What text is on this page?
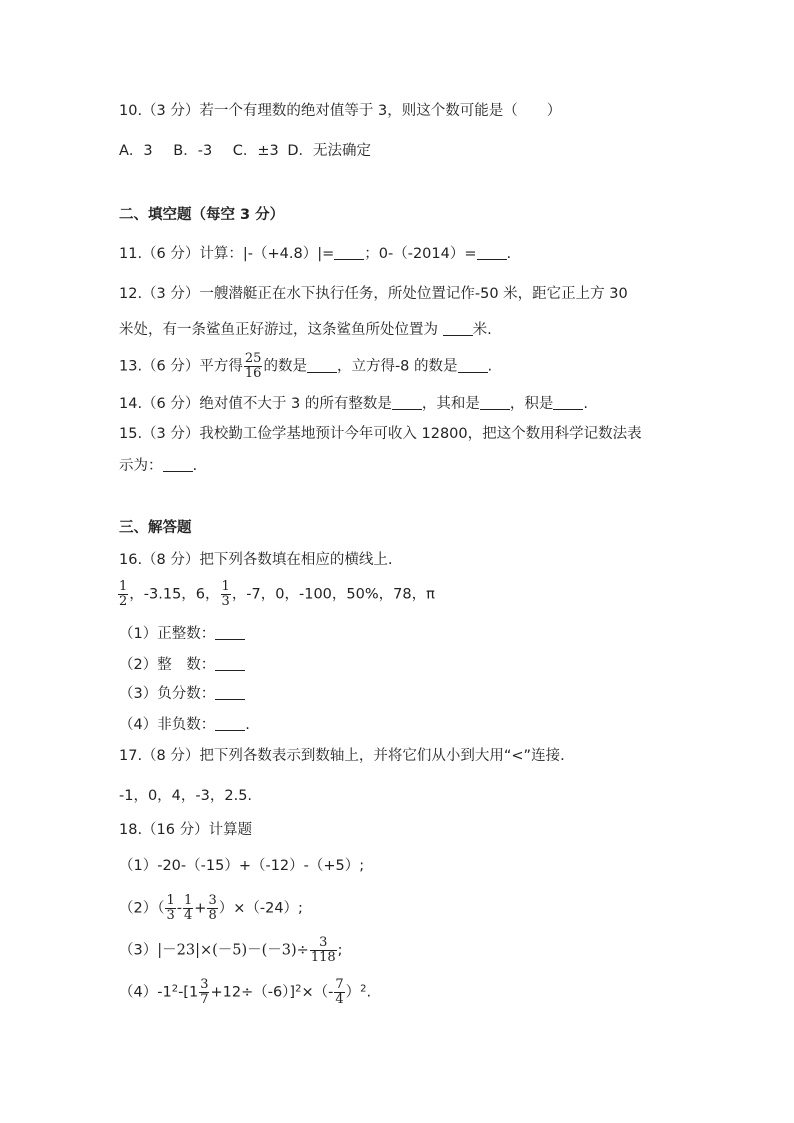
10.（3 分）若一个有理数的绝对值等于 3，则这个数可能是（　　）
A．3 B．-3 C．±3 D．无法确定
二、填空题（每空 3 分）
11.（6 分）计算：|-（+4.8）|= ；0-（-2014）= .
12.（3 分）一艘潜艇正在水下执行任务，所处位置记作-50 米，距它正上方 30
米处，有一条鲨鱼正好游过，这条鲨鱼所处位置为 米.
13.（6 分）平方得 $\frac{25}{16}$ 的数是 ，立方得-8 的数是 .
14.（6 分）绝对值不大于 3 的所有整数是 ，其和是 ，积是 .
15.（3 分）我校勤工俭学基地预计今年可收入 12800，把这个数用科学记数法表
示为： .
三、解答题
16.（8 分）把下列各数填在相应的横线上.
$\frac{1}{2}$ ，-3.15，6， $\frac{1}{3}$ ，-7，0，-100，50%，78，π
（1）正整数：
（2）整　数：
（3）负分数：
（4）非负数： .
17.（8 分）把下列各数表示到数轴上，并将它们从小到大用“<”连接.
-1，0，4，-3，2.5.
18.（16 分）计算题
（1）-20-（-15）+（-12）-（+5）;
$(2)( \frac{1}{3} - \frac{1}{4} + \frac{3}{8} )\times(-24)$;
$(3)|-23|\times(-5)-(-3)\div \frac{3}{118}$ ;
$(4)-1^2-[1 \frac{3}{7} +12\div(-6)]^2\times(- \frac{7}{4} )^2$.
